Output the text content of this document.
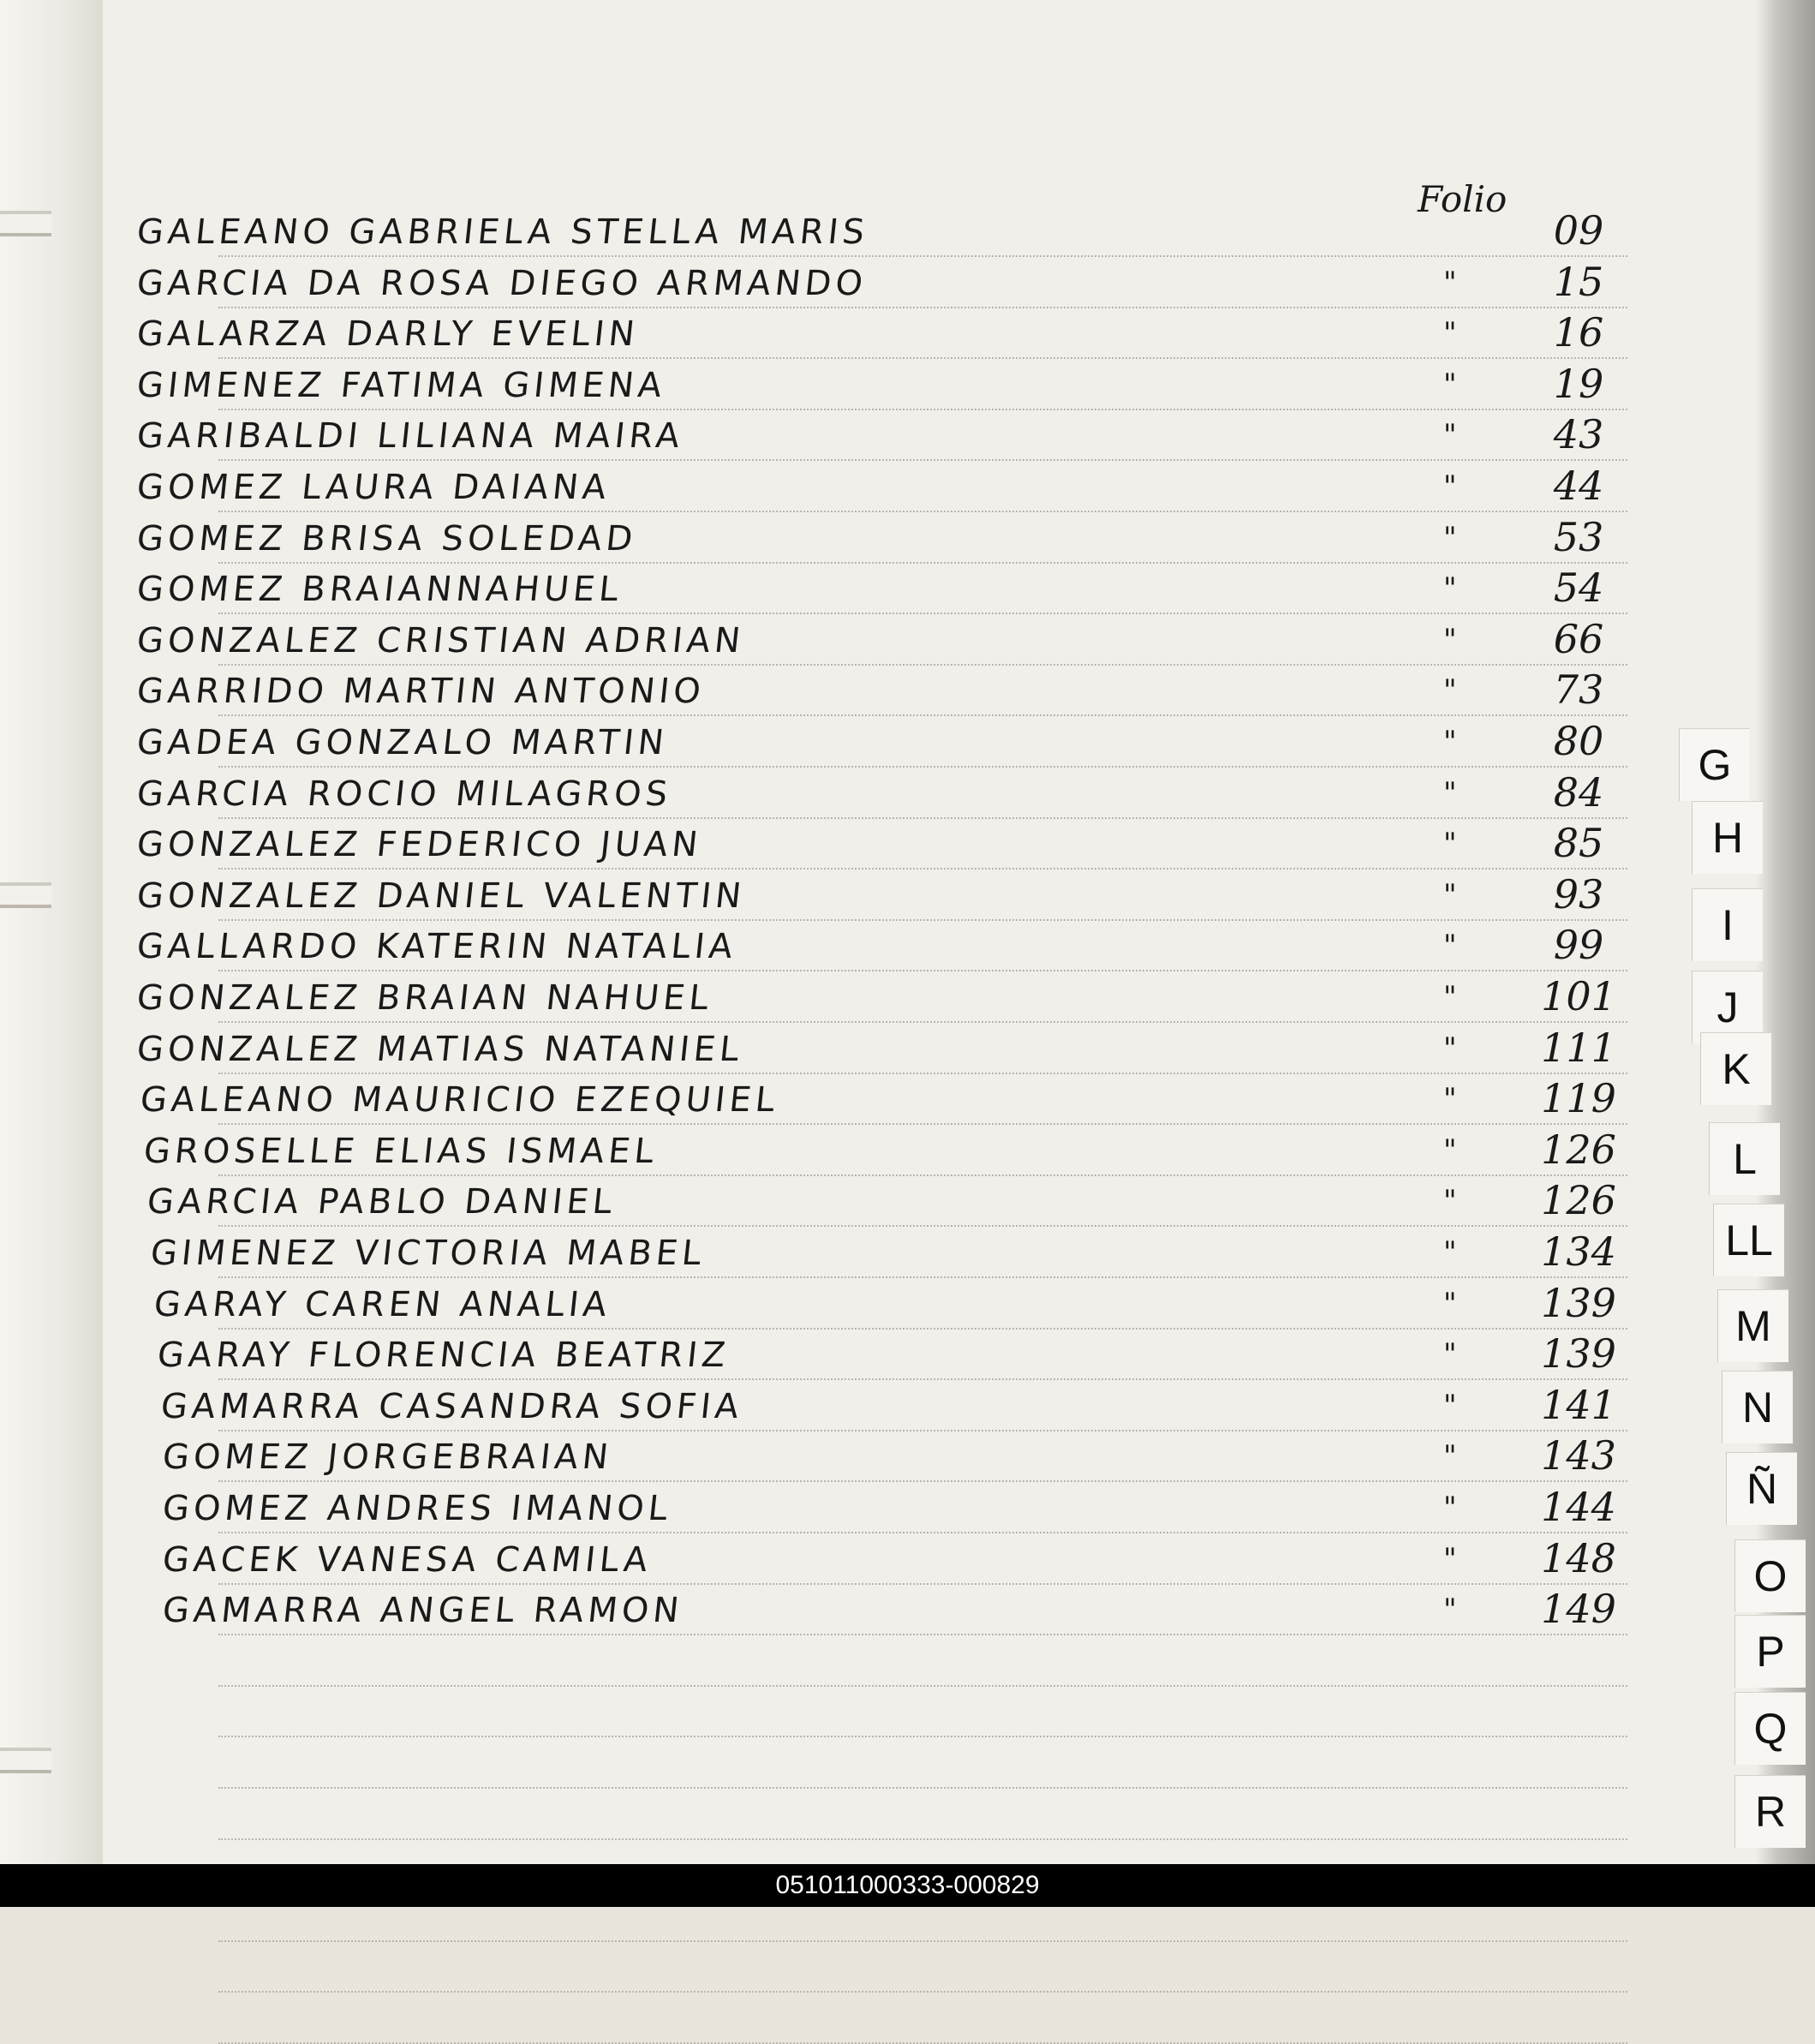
Folio
GALEANO GABRIELA STELLA MARIS	09
GARCIA DA ROSA DIEGO ARMANDO	"	15
GALARZA DARLY EVELIN	"	16
GIMENEZ FATIMA GIMENA	"	19
GARIBALDI LILIANA MAIRA	"	43
GOMEZ LAURA DAIANA	"	44
GOMEZ BRISA SOLEDAD	"	53
GOMEZ BRAIANNAHUEL	"	54
GONZALEZ CRISTIAN ADRIAN	"	66
GARRIDO MARTIN ANTONIO	"	73
GADEA GONZALO MARTIN	"	80
GARCIA ROCIO MILAGROS	"	84
GONZALEZ FEDERICO JUAN	"	85
GONZALEZ DANIEL VALENTIN	"	93
GALLARDO KATERIN NATALIA	"	99
GONZALEZ BRAIAN NAHUEL	" 101
GONZALEZ MATIAS NATANIEL	" 111
GALEANO MAURICIO EZEQUIEL	" 119
GROSELLE ELIAS ISMAEL	" 126
GARCIA PABLO DANIEL	" 126
GIMENEZ VICTORIA MABEL	" 134
GARAY CAREN ANALIA	" 139
GARAY FLORENCIA BEATRIZ	" 139
GAMARRA CASANDRA SOFIA	" 141
GOMEZ JORGEBRAIAN	" 143
GOMEZ ANDRES IMANOL	" 144
GACEK VANESA CAMILA	" 148
GAMARRA ANGEL RAMON	" 149
G
H
I
J
K
L
LL
M
N
Ñ
O
P
Q
R
051011000333-000829
